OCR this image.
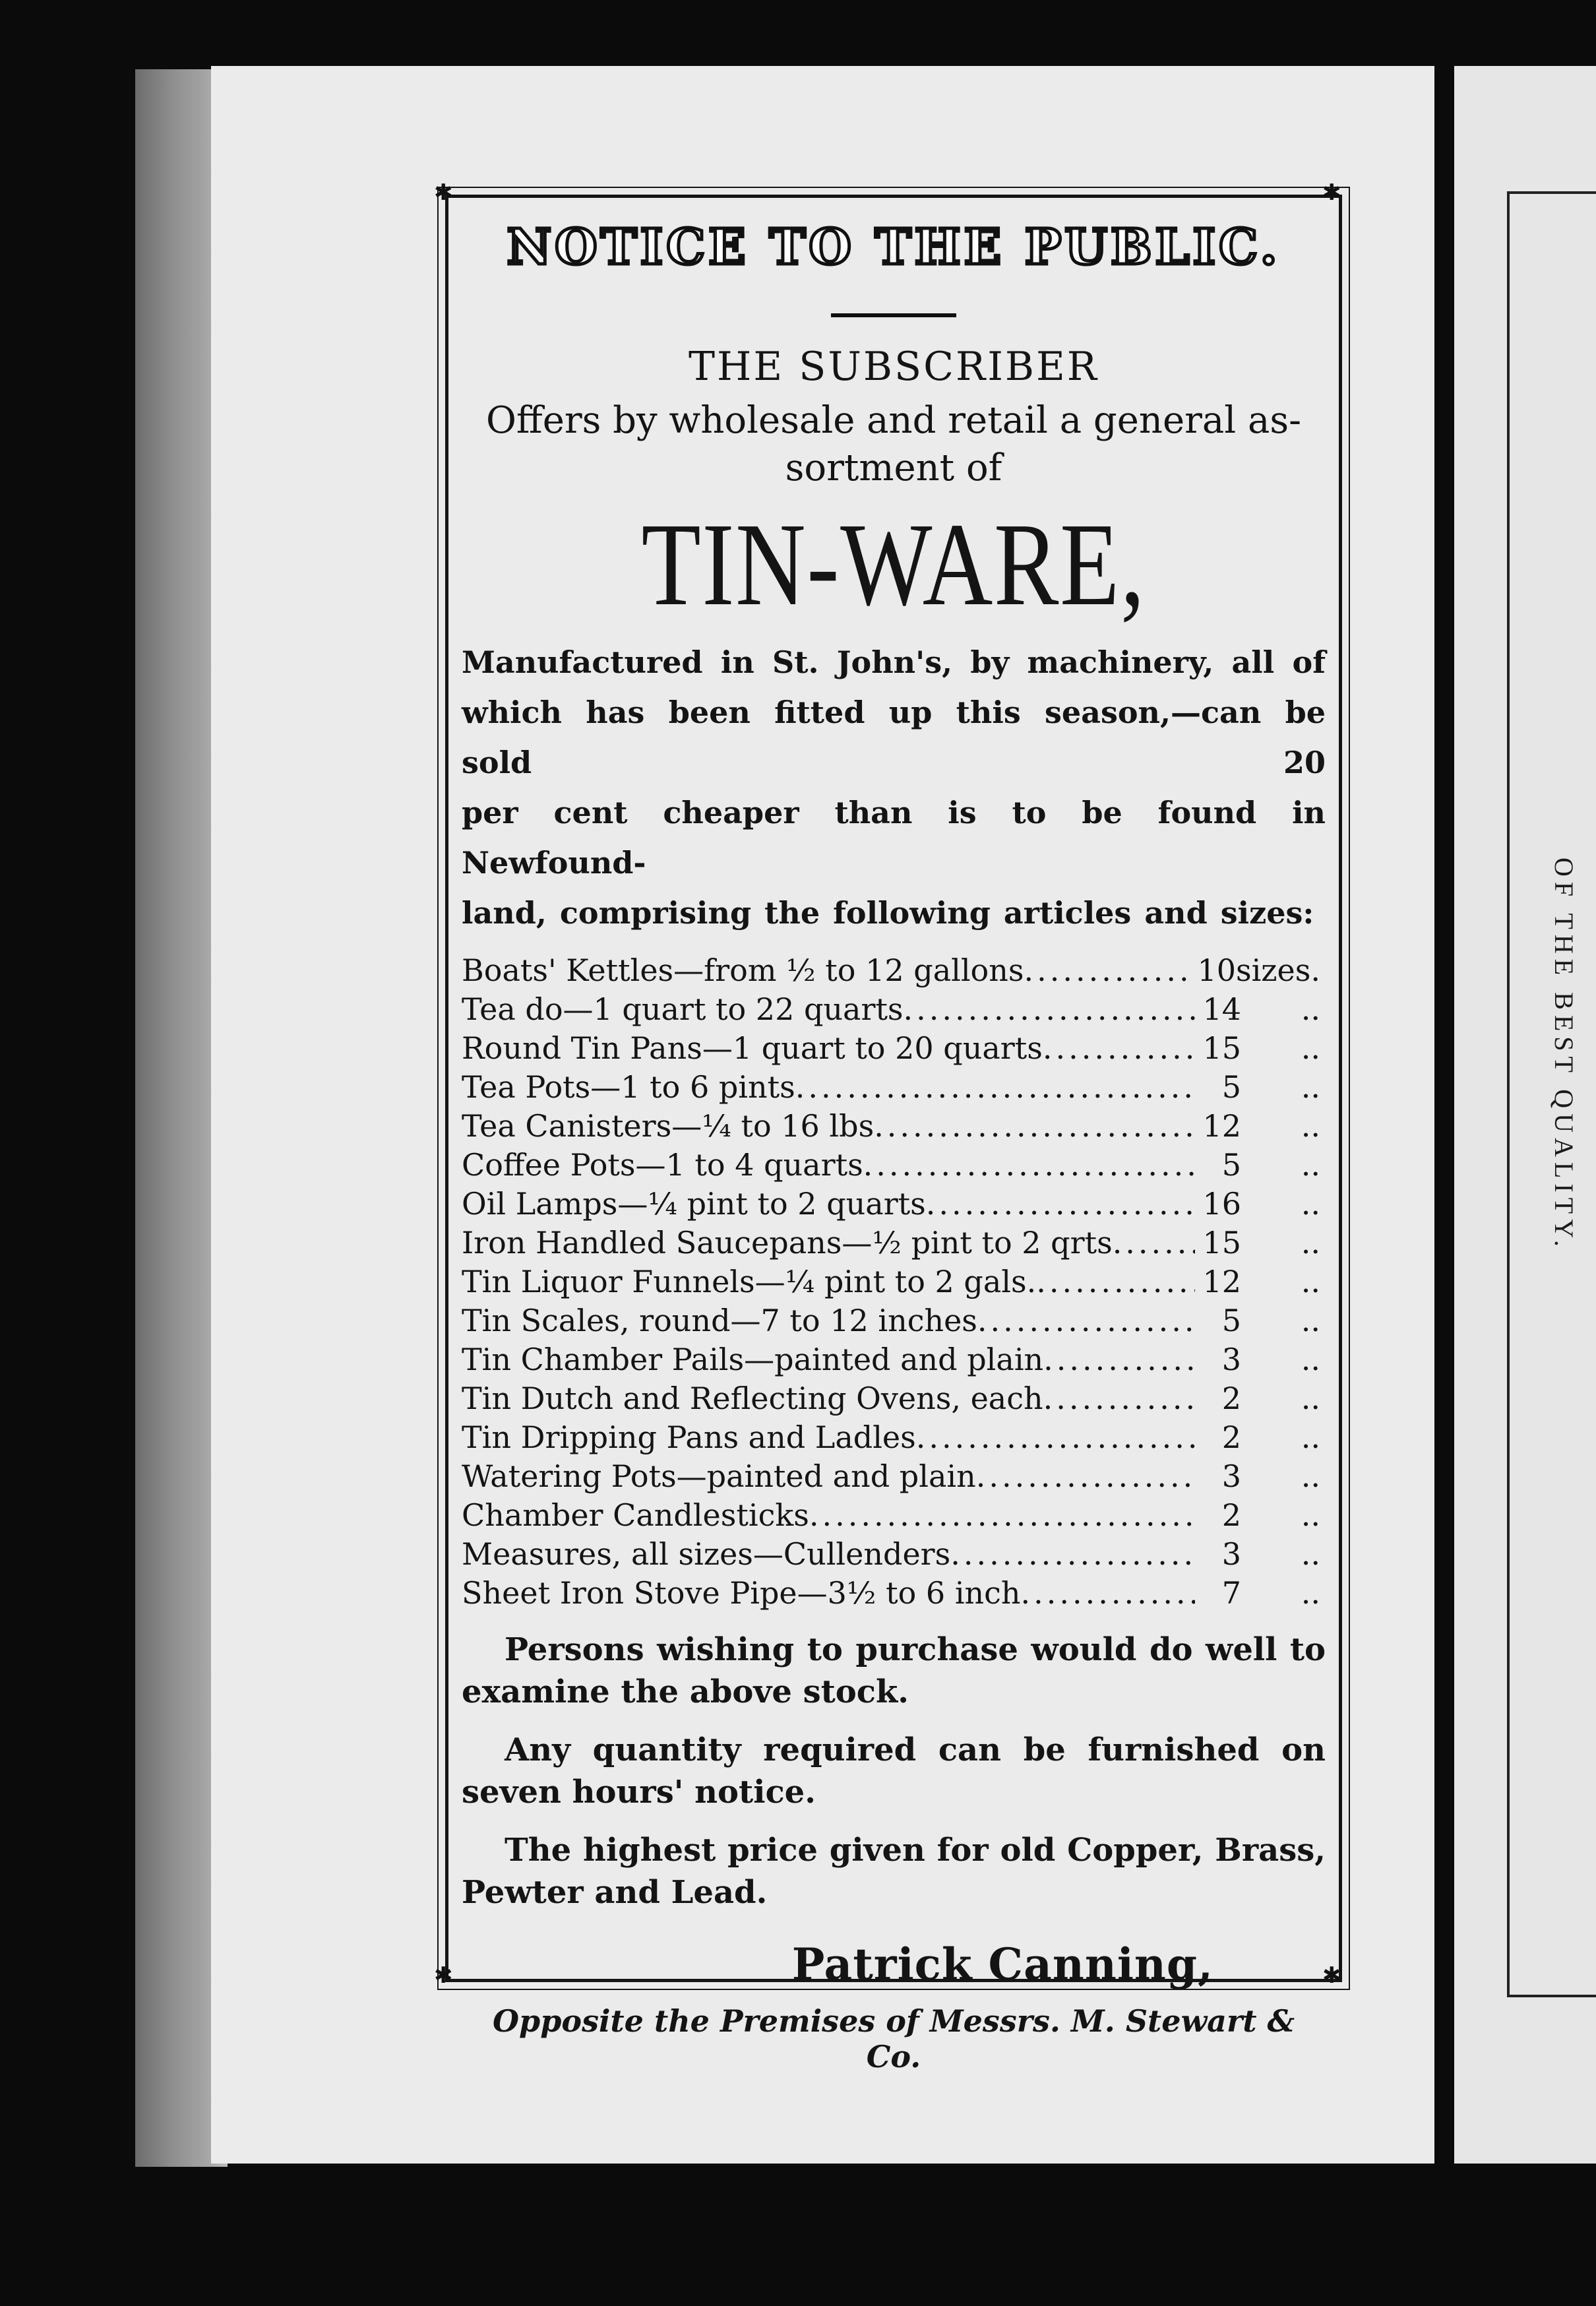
OF THE BEST QUALITY.
✱	✱
✱	✱
NOTICE TO THE PUBLIC.

THE SUBSCRIBER

Offers by wholesale and retail a general as-
sortment of

TIN-WARE,

Manufactured in St. John's, by machinery, all of

which has been fitted up this season,—can be sold 20

per cent cheaper than is to be found in Newfound-

land, comprising the following articles and sizes:

Boats' Kettles—from ½ to 12 gallons .....	10 sizes.
Tea do—1 quart to 22 quarts .....	14	..
Round Tin Pans—1 quart to 20 quarts .....	15	..
Tea Pots—1 to 6 pints .....	5	..
Tea Canisters—¼ to 16 lbs .....	12	..
Coffee Pots—1 to 4 quarts .....	5	..
Oil Lamps—¼ pint to 2 quarts .....	16	..
Iron Handled Saucepans—½ pint to 2 qrts .....	15	..
Tin Liquor Funnels—¼ pint to 2 gals. .....	12	..
Tin Scales, round—7 to 12 inches .....	5	..
Tin Chamber Pails—painted and plain .....	3	..
Tin Dutch and Reflecting Ovens, each .....	2	..
Tin Dripping Pans and Ladles .....	2	..
Watering Pots—painted and plain .....	3	..
Chamber Candlesticks .....	2	..
Measures, all sizes—Cullenders .....	3	..
Sheet Iron Stove Pipe—3½ to 6 inch .....	7	..

Persons wishing to purchase would do well to examine the above stock.

Any quantity required can be furnished on seven hours' notice.

The highest price given for old Copper, Brass, Pewter and Lead.

Patrick Canning,
Opposite the Premises of Messrs. M. Stewart & Co.
